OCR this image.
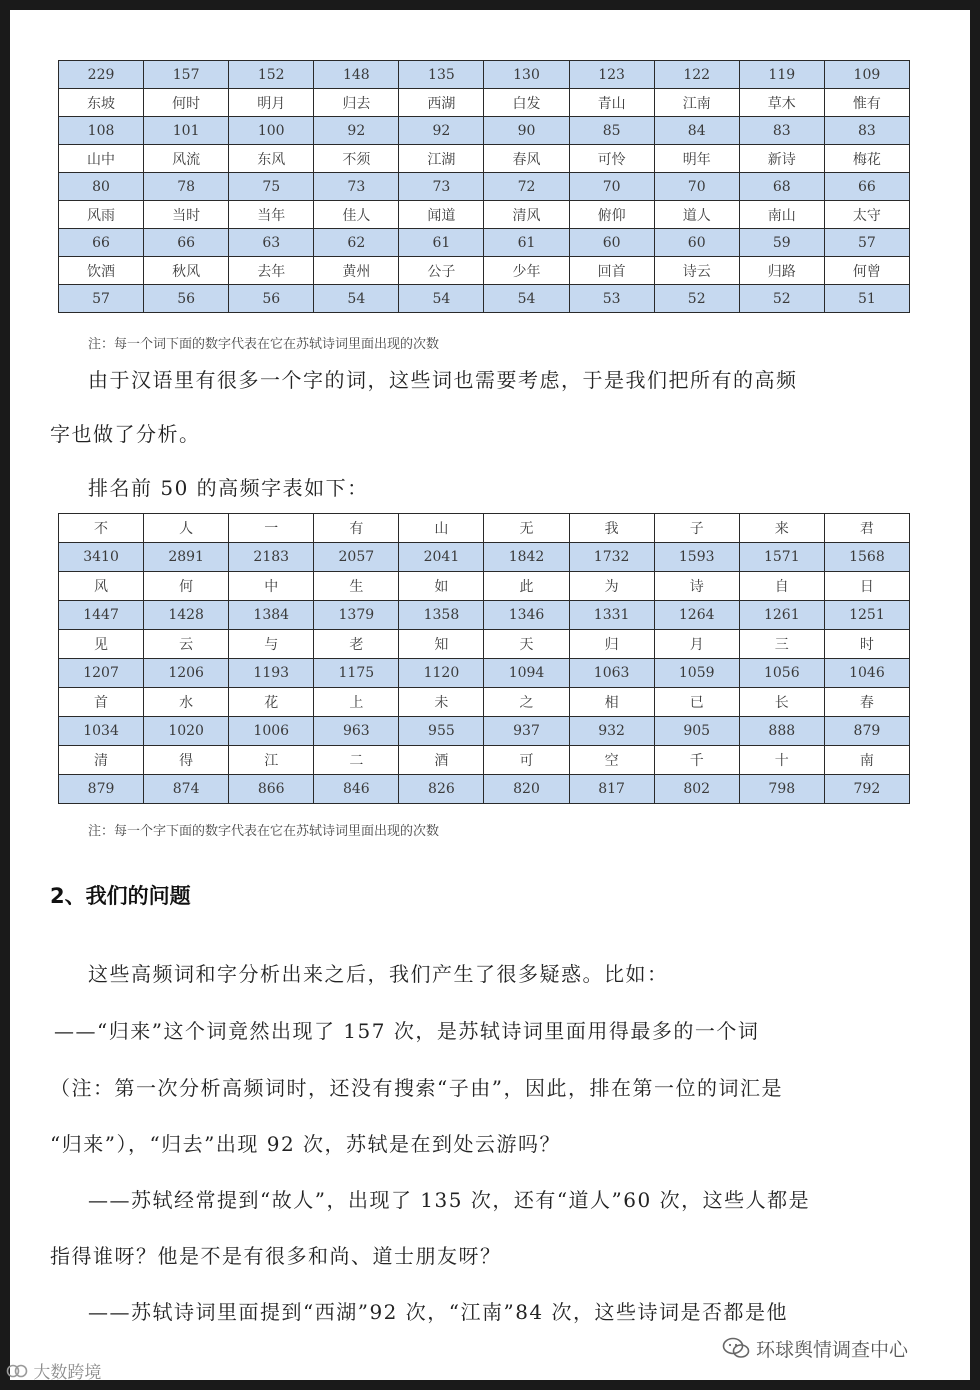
229	157	152	148	135	130	123	122	119	109
东坡	何时	明月	归去	西湖	白发	青山	江南	草木	惟有
108	101	100	92	92	90	85	84	83	83
山中	风流	东风	不须	江湖	春风	可怜	明年	新诗	梅花
80	78	75	73	73	72	70	70	68	66
风雨	当时	当年	佳人	闻道	清风	俯仰	道人	南山	太守
66	66	63	62	61	61	60	60	59	57
饮酒	秋风	去年	黄州	公子	少年	回首	诗云	归路	何曾
57	56	56	54	54	54	53	52	52	51
注：每一个词下面的数字代表在它在苏轼诗词里面出现的次数
由于汉语里有很多一个字的词，这些词也需要考虑，于是我们把所有的高频
字也做了分析。
排名前 50 的高频字表如下：
不	人	一	有	山	无	我	子	来	君
3410	2891	2183	2057	2041	1842	1732	1593	1571	1568
风	何	中	生	如	此	为	诗	自	日
1447	1428	1384	1379	1358	1346	1331	1264	1261	1251
见	云	与	老	知	天	归	月	三	时
1207	1206	1193	1175	1120	1094	1063	1059	1056	1046
首	水	花	上	未	之	相	已	长	春
1034	1020	1006	963	955	937	932	905	888	879
清	得	江	二	酒	可	空	千	十	南
879	874	866	846	826	820	817	802	798	792
注：每一个字下面的数字代表在它在苏轼诗词里面出现的次数
2、我们的问题
这些高频词和字分析出来之后，我们产生了很多疑惑。比如：
——“归来”这个词竟然出现了 157 次，是苏轼诗词里面用得最多的一个词
（注：第一次分析高频词时，还没有搜索“子由”，因此，排在第一位的词汇是
“归来”），“归去”出现 92 次，苏轼是在到处云游吗？
——苏轼经常提到“故人”，出现了 135 次，还有“道人”60 次，这些人都是
指得谁呀？他是不是有很多和尚、道士朋友呀？
——苏轼诗词里面提到“西湖”92 次，“江南”84 次，这些诗词是否都是他
环球舆情调查中心
大数跨境
